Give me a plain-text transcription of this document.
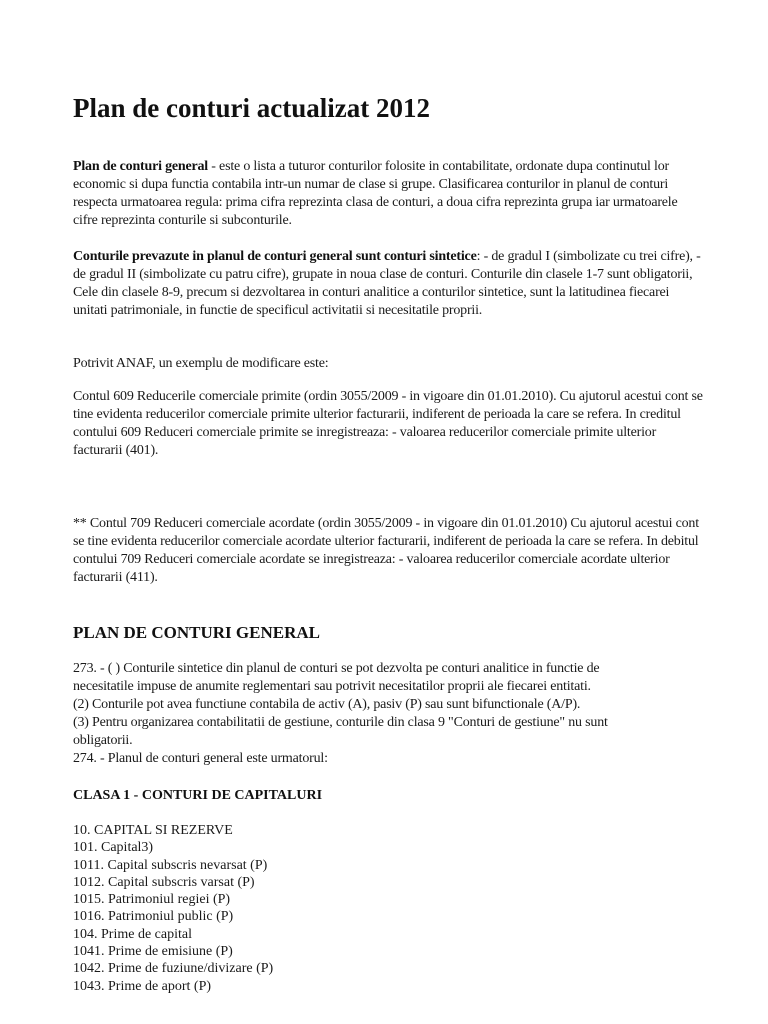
Plan de conturi actualizat 2012

Plan de conturi general - este o lista a tuturor conturilor folosite in contabilitate, ordonate dupa continutul lor economic si dupa functia contabila intr-un numar de clase si grupe. Clasificarea conturilor in planul de conturi respecta urmatoarea regula: prima cifra reprezinta clasa de conturi, a doua cifra reprezinta grupa iar urmatoarele cifre reprezinta conturile si subconturile.

Conturile prevazute in planul de conturi general sunt conturi sintetice: - de gradul I (simbolizate cu trei cifre), - de gradul II (simbolizate cu patru cifre), grupate in noua clase de conturi. Conturile din clasele 1-7 sunt obligatorii, Cele din clasele 8-9, precum si dezvoltarea in conturi analitice a conturilor sintetice, sunt la latitudinea fiecarei unitati patrimoniale, in functie de specificul activitatii si necesitatile proprii.

Potrivit ANAF, un exemplu de modificare este:

Contul 609 Reducerile comerciale primite (ordin 3055/2009 - in vigoare din 01.01.2010). Cu ajutorul acestui cont se tine evidenta reducerilor comerciale primite ulterior facturarii, indiferent de perioada la care se refera. In creditul contului 609 Reduceri comerciale primite se inregistreaza: - valoarea reducerilor comerciale primite ulterior facturarii (401).

** Contul 709 Reduceri comerciale acordate (ordin 3055/2009 - in vigoare din 01.01.2010) Cu ajutorul acestui cont se tine evidenta reducerilor comerciale acordate ulterior facturarii, indiferent de perioada la care se refera. In debitul contului 709 Reduceri comerciale acordate se inregistreaza: - valoarea reducerilor comerciale acordate ulterior facturarii (411).

PLAN DE CONTURI GENERAL

273. - ( ) Conturile sintetice din planul de conturi se pot dezvolta pe conturi analitice in functie de
necesitatile impuse de anumite reglementari sau potrivit necesitatilor proprii ale fiecarei entitati.
(2) Conturile pot avea functiune contabila de activ (A), pasiv (P) sau sunt bifunctionale (A/P).
(3) Pentru organizarea contabilitatii de gestiune, conturile din clasa 9 "Conturi de gestiune" nu sunt
obligatorii.
274. - Planul de conturi general este urmatorul:

CLASA 1 - CONTURI DE CAPITALURI
10. CAPITAL SI REZERVE
101. Capital3)
1011. Capital subscris nevarsat (P)
1012. Capital subscris varsat (P)
1015. Patrimoniul regiei (P)
1016. Patrimoniul public (P)
104. Prime de capital
1041. Prime de emisiune (P)
1042. Prime de fuziune/divizare (P)
1043. Prime de aport (P)
